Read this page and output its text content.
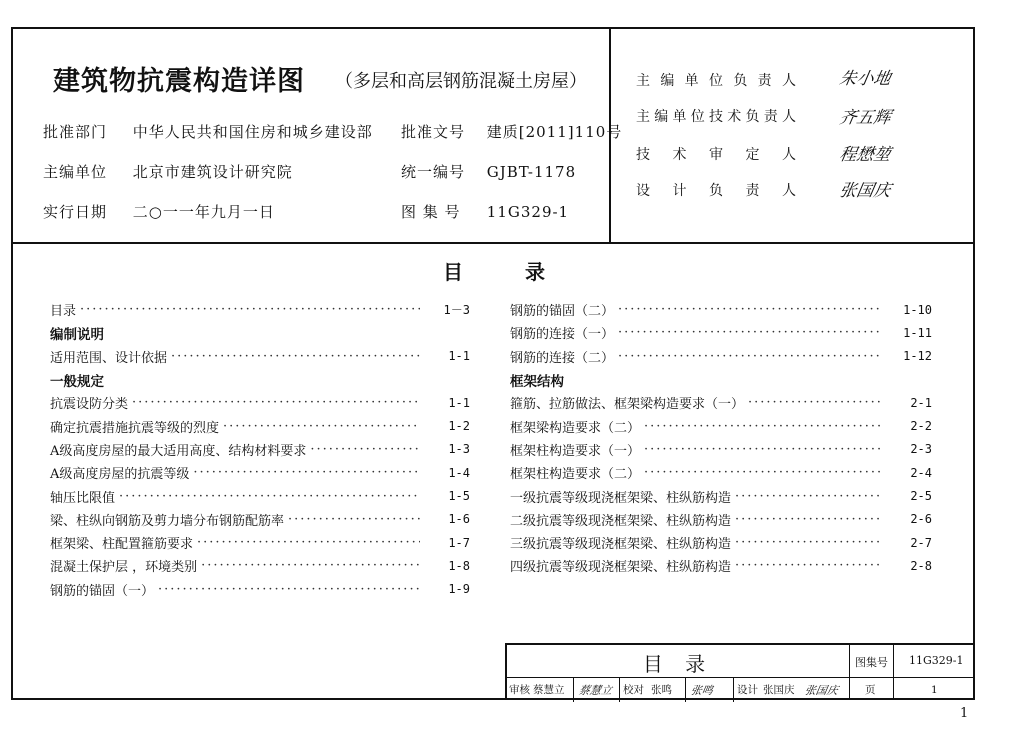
建筑物抗震构造详图 （多层和高层钢筋混凝土房屋）
批准部门 中华人民共和国住房和城乡建设部 批准文号 建质[2011]110号
主编单位 北京市建筑设计研究院	统一编号 GJBT-1178
实行日期 二○一一年九月一日	图 集 号 11G329-1
主编单位负责人 朱小地
主编单位技术负责人 齐五辉
技术审定人 程懋堃
设计负责人 张国庆
目	录
目录 ·····	1－3
编制说明
适用范围、设计依据 ·····	1-1
一般规定
抗震设防分类 ·····	1-1
确定抗震措施抗震等级的烈度 ·····	1-2
A级高度房屋的最大适用高度、结构材料要求 ·····	1-3
A级高度房屋的抗震等级 ·····	1-4
轴压比限值 ·····	1-5
梁、柱纵向钢筋及剪力墙分布钢筋配筋率 ·····	1-6
框架梁、柱配置箍筋要求 ·····	1-7
混凝土保护层 ，环境类别 ·····	1-8
钢筋的锚固（一） ·····	1-9
钢筋的锚固（二） ·····	1-10
钢筋的连接（一） ·····	1-11
钢筋的连接（二） ·····	1-12
框架结构
箍筋、拉筋做法、框架梁构造要求（一） ·····	2-1
框架梁构造要求（二） ·····	2-2
框架柱构造要求（一） ·····	2-3
框架柱构造要求（二） ·····	2-4
一级抗震等级现浇框架梁、柱纵筋构造 ·····	2-5
二级抗震等级现浇框架梁、柱纵筋构造 ·····	2-6
三级抗震等级现浇框架梁、柱纵筋构造 ·····	2-7
四级抗震等级现浇框架梁、柱纵筋构造 ·····	2-8
目 录	图集号 11G329-1
审核 蔡慧立 蔡慧立 校对 张鸣 张鸣 设计 张国庆 张国庆 页	1
1
